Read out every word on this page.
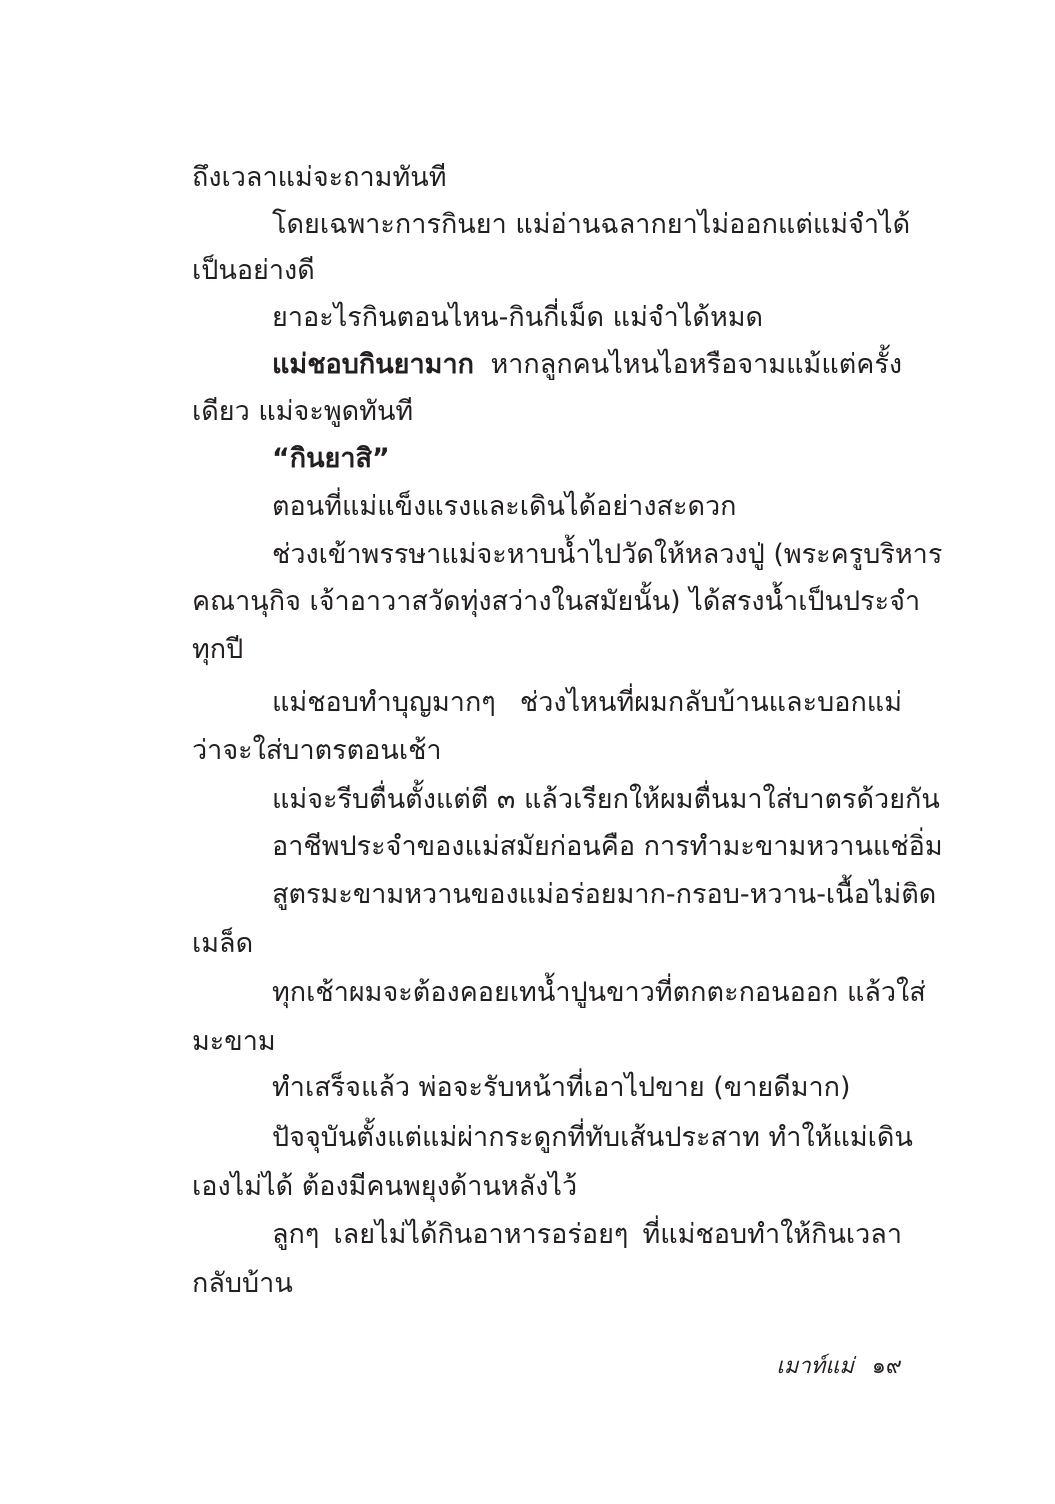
ถึงเวลาแม่จะถามทันที
โดยเฉพาะการกินยา แม่อ่านฉลากยาไม่ออกแต่แม่จำได้
เป็นอย่างดี
ยาอะไรกินตอนไหน-กินกี่เม็ด แม่จำได้หมด
แม่ชอบกินยามาก หากลูกคนไหนไอหรือจามแม้แต่ครั้ง
เดียว แม่จะพูดทันที
“กินยาสิ”
ตอนที่แม่แข็งแรงและเดินได้อย่างสะดวก
ช่วงเข้าพรรษาแม่จะหาบน้ำไปวัดให้หลวงปู่ (พระครูบริหาร
คณานุกิจ เจ้าอาวาสวัดทุ่งสว่างในสมัยนั้น) ได้สรงน้ำเป็นประจำ
ทุกปี
แม่ชอบทำบุญมากๆ ช่วงไหนที่ผมกลับบ้านและบอกแม่
ว่าจะใส่บาตรตอนเช้า
แม่จะรีบตื่นตั้งแต่ตี ๓ แล้วเรียกให้ผมตื่นมาใส่บาตรด้วยกัน
อาชีพประจำของแม่สมัยก่อนคือ การทำมะขามหวานแช่อิ่ม
สูตรมะขามหวานของแม่อร่อยมาก-กรอบ-หวาน-เนื้อไม่ติด
เมล็ด
ทุกเช้าผมจะต้องคอยเทน้ำปูนขาวที่ตกตะกอนออก แล้วใส่
มะขาม
ทำเสร็จแล้ว พ่อจะรับหน้าที่เอาไปขาย (ขายดีมาก)
ปัจจุบันตั้งแต่แม่ผ่ากระดูกที่ทับเส้นประสาท ทำให้แม่เดิน
เองไม่ได้ ต้องมีคนพยุงด้านหลังไว้
ลูกๆ เลยไม่ได้กินอาหารอร่อยๆ ที่แม่ชอบทำให้กินเวลา
กลับบ้าน
เมาท์แม่ ๑๙
